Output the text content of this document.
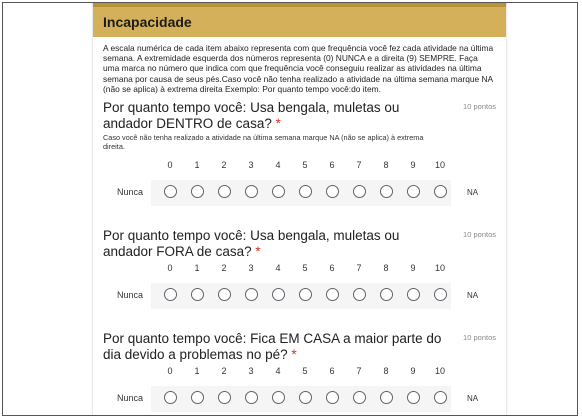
Incapacidade
A escala numérica de cada item abaixo representa com que frequência você fez cada atividade na última semana. A extremidade esquerda dos números representa (0) NUNCA e a direita (9) SEMPRE. Faça uma marca no número que indica com que frequência você conseguiu realizar as atividades na última semana por causa de seus pés.Caso você não tenha realizado a atividade na última semana marque NA (não se aplica) à extrema direita Exemplo: Por quanto tempo você:do item.
Por quanto tempo você: Usa bengala, muletas ou andador DENTRO de casa? *
10 pontos
Caso você não tenha realizado a atividade na última semana marque NA (não se aplica) à extrema direita.
0	1	2	3	4	5	6	7	8	9	10
Nunca	NA
Por quanto tempo você: Usa bengala, muletas ou andador FORA de casa? *
10 pontos
0	1	2	3	4	5	6	7	8	9	10
Nunca	NA
Por quanto tempo você: Fica EM CASA a maior parte do dia devido a problemas no pé? *
10 pontos
0	1	2	3	4	5	6	7	8	9	10
Nunca	NA
